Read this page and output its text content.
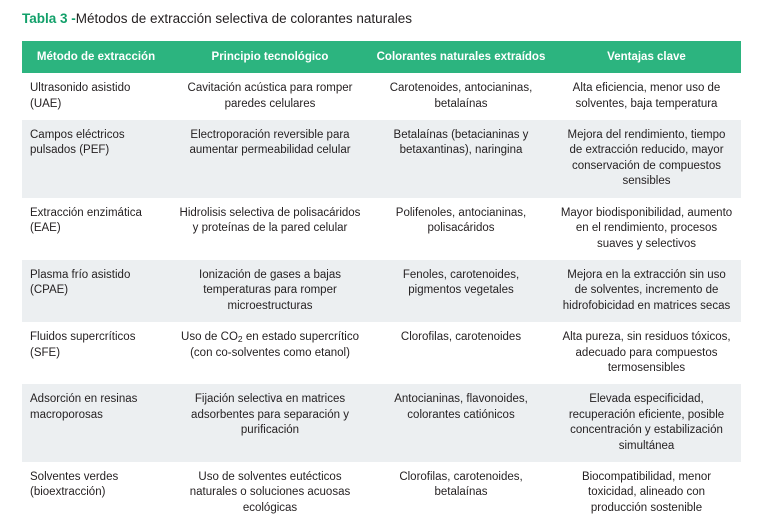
Tabla 3 -Métodos de extracción selectiva de colorantes naturales
Método de extracción	Principio tecnológico	Colorantes naturales extraídos	Ventajas clave
Ultrasonido asistido (UAE)	Cavitación acústica para romper paredes celulares	Carotenoides, antocianinas, betalaínas	Alta eficiencia, menor uso de solventes, baja temperatura
Campos eléctricos pulsados (PEF)	Electroporación reversible para aumentar permeabilidad celular	Betalaínas (betacianinas y betaxantinas), naringina	Mejora del rendimiento, tiempo de extracción reducido, mayor conservación de compuestos sensibles
Extracción enzimática (EAE)	Hidrolisis selectiva de polisacáridos y proteínas de la pared celular	Polifenoles, antocianinas, polisacáridos	Mayor biodisponibilidad, aumento en el rendimiento, procesos suaves y selectivos
Plasma frío asistido (CPAE)	Ionización de gases a bajas temperaturas para romper microestructuras	Fenoles, carotenoides, pigmentos vegetales	Mejora en la extracción sin uso de solventes, incremento de hidrofobicidad en matrices secas
Fluidos supercríticos (SFE)	Uso de $CO_2$ en estado supercrítico (con co-solventes como etanol)	Clorofilas, carotenoides	Alta pureza, sin residuos tóxicos, adecuado para compuestos termosensibles
Adsorción en resinas macroporosas	Fijación selectiva en matrices adsorbentes para separación y purificación	Antocianinas, flavonoides, colorantes catiónicos	Elevada especificidad, recuperación eficiente, posible concentración y estabilización simultánea
Solventes verdes (bioextracción)	Uso de solventes eutécticos naturales o soluciones acuosas ecológicas	Clorofilas, carotenoides, betalaínas	Biocompatibilidad, menor toxicidad, alineado con producción sostenible
